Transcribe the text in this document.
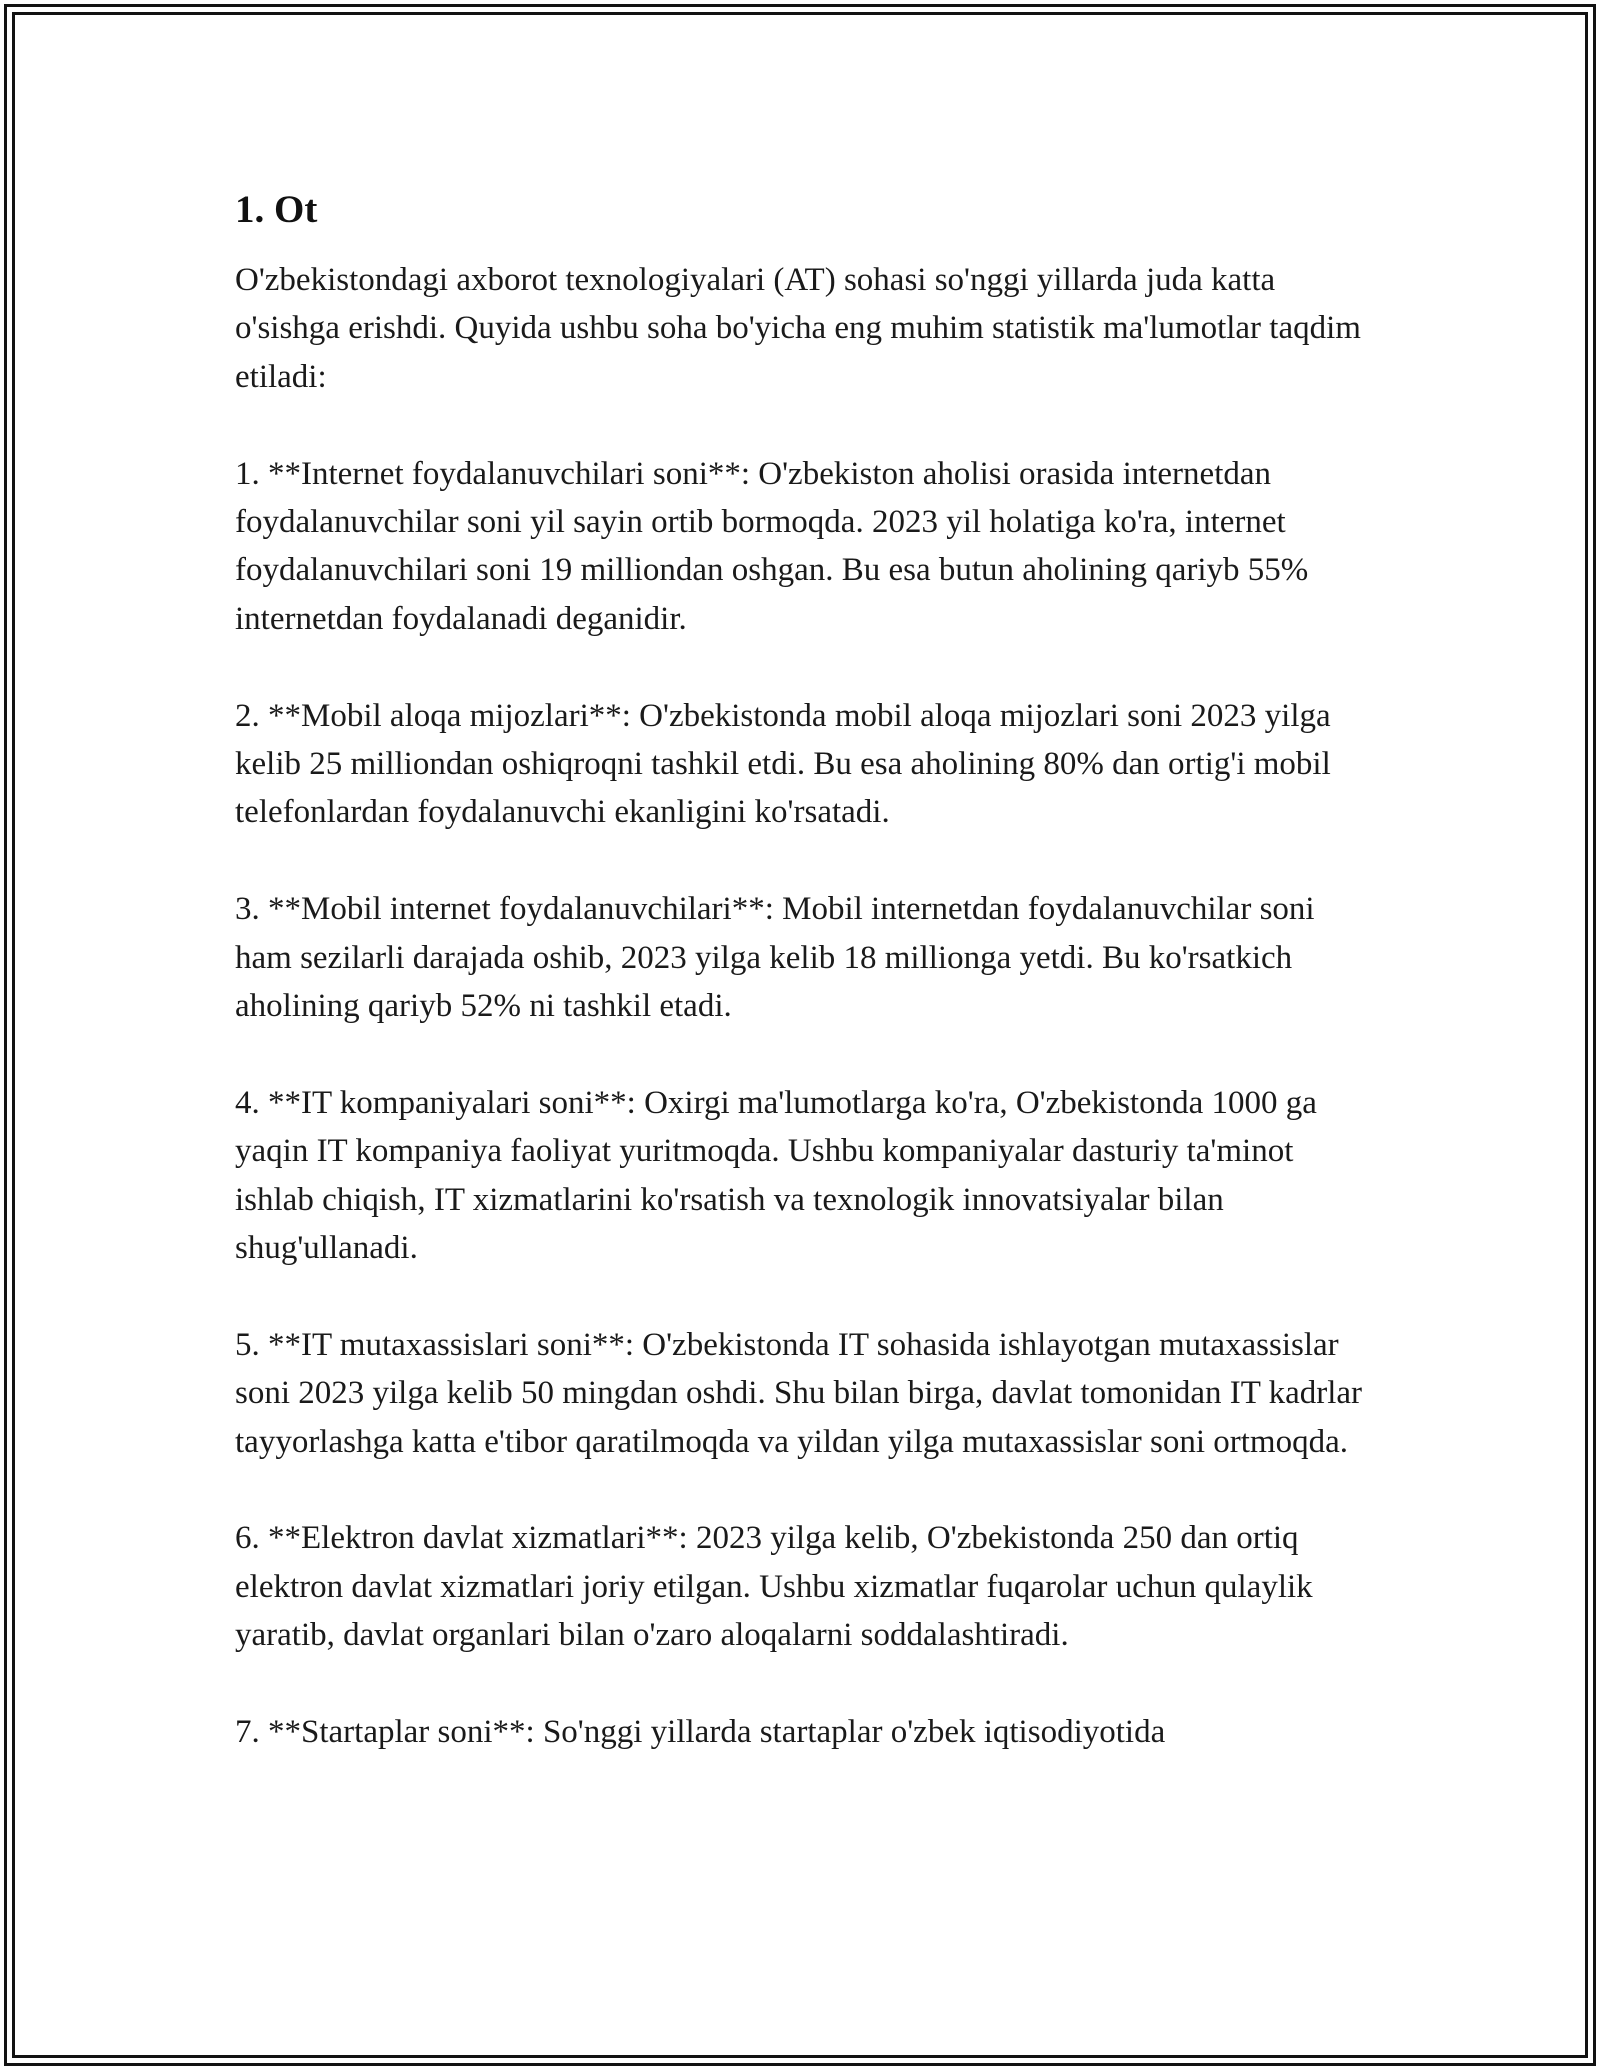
1. Ot

O'zbekistondagi axborot texnologiyalari (AT) sohasi so'nggi yillarda juda katta o'sishga erishdi. Quyida ushbu soha bo'yicha eng muhim statistik ma'lumotlar taqdim etiladi:

1. **Internet foydalanuvchilari soni**: O'zbekiston aholisi orasida internetdan foydalanuvchilar soni yil sayin ortib bormoqda. 2023 yil holatiga ko'ra, internet foydalanuvchilari soni 19 milliondan oshgan. Bu esa butun aholining qariyb 55% internetdan foydalanadi deganidir.

2. **Mobil aloqa mijozlari**: O'zbekistonda mobil aloqa mijozlari soni 2023 yilga kelib 25 milliondan oshiqroqni tashkil etdi. Bu esa aholining 80% dan ortig'i mobil telefonlardan foydalanuvchi ekanligini ko'rsatadi.

3. **Mobil internet foydalanuvchilari**: Mobil internetdan foydalanuvchilar soni ham sezilarli darajada oshib, 2023 yilga kelib 18 millionga yetdi. Bu ko'rsatkich aholining qariyb 52% ni tashkil etadi.

4. **IT kompaniyalari soni**: Oxirgi ma'lumotlarga ko'ra, O'zbekistonda 1000 ga yaqin IT kompaniya faoliyat yuritmoqda. Ushbu kompaniyalar dasturiy ta'minot ishlab chiqish, IT xizmatlarini ko'rsatish va texnologik innovatsiyalar bilan shug'ullanadi.

5. **IT mutaxassislari soni**: O'zbekistonda IT sohasida ishlayotgan mutaxassislar soni 2023 yilga kelib 50 mingdan oshdi. Shu bilan birga, davlat tomonidan IT kadrlar tayyorlashga katta e'tibor qaratilmoqda va yildan yilga mutaxassislar soni ortmoqda.

6. **Elektron davlat xizmatlari**: 2023 yilga kelib, O'zbekistonda 250 dan ortiq elektron davlat xizmatlari joriy etilgan. Ushbu xizmatlar fuqarolar uchun qulaylik yaratib, davlat organlari bilan o'zaro aloqalarni soddalashtiradi.

7. **Startaplar soni**: So'nggi yillarda startaplar o'zbek iqtisodiyotida
